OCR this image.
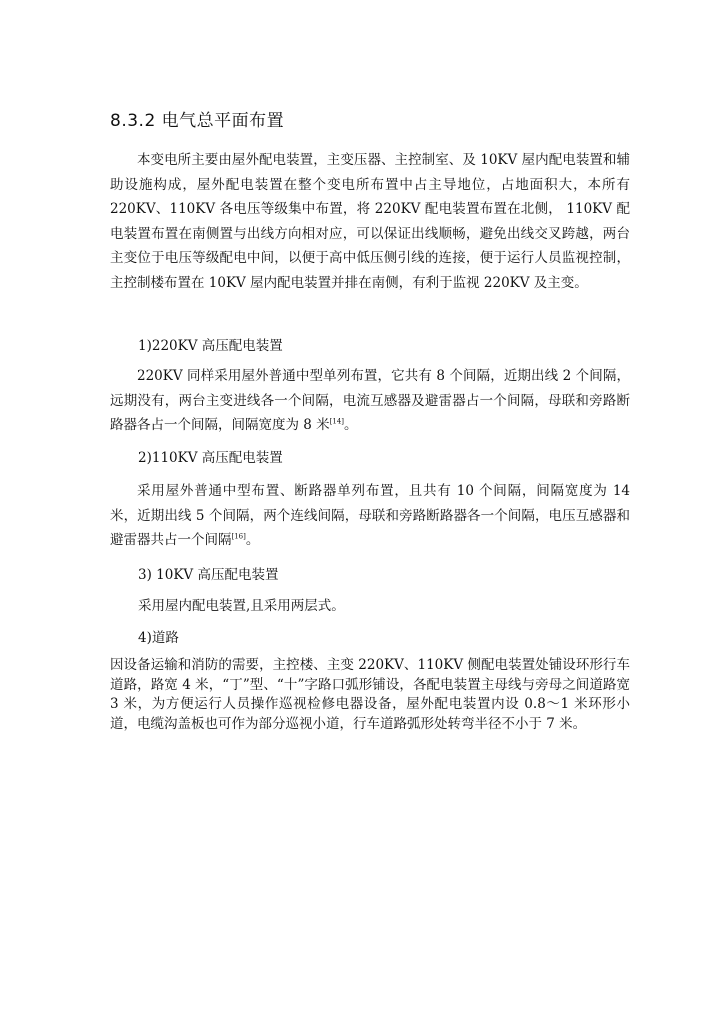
8.3.2 电气总平面布置

本变电所主要由屋外配电装置，主变压器、主控制室、及 10KV 屋内配电装置和辅助设施构成，屋外配电装置在整个变电所布置中占主导地位，占地面积大，本所有 220KV、110KV 各电压等级集中布置，将 220KV 配电装置布置在北侧， 110KV 配电装置布置在南侧置与出线方向相对应，可以保证出线顺畅，避免出线交叉跨越，两台主变位于电压等级配电中间，以便于高中低压侧引线的连接，便于运行人员监视控制，主控制楼布置在 10KV 屋内配电装置并排在南侧，有利于监视 220KV 及主变。

1)220KV 高压配电装置

220KV 同样采用屋外普通中型单列布置，它共有 8 个间隔，近期出线 2 个间隔，远期没有，两台主变进线各一个间隔，电流互感器及避雷器占一个间隔，母联和旁路断路器各占一个间隔，间隔宽度为 8 米[14]。

2)110KV 高压配电装置

采用屋外普通中型布置、断路器单列布置，且共有 10 个间隔，间隔宽度为 14 米，近期出线 5 个间隔，两个连线间隔，母联和旁路断路器各一个间隔，电压互感器和避雷器共占一个间隔[16]。

3) 10KV 高压配电装置
采用屋内配电装置,且采用两层式。
4)道路

因设备运输和消防的需要，主控楼、主变 220KV、110KV 侧配电装置处铺设环形行车道路，路宽 4 米，“丁”型、“十”字路口弧形铺设，各配电装置主母线与旁母之间道路宽 3 米，为方便运行人员操作巡视检修电器设备，屋外配电装置内设 0.8～1 米环形小道，电缆沟盖板也可作为部分巡视小道，行车道路弧形处转弯半径不小于 7 米。
